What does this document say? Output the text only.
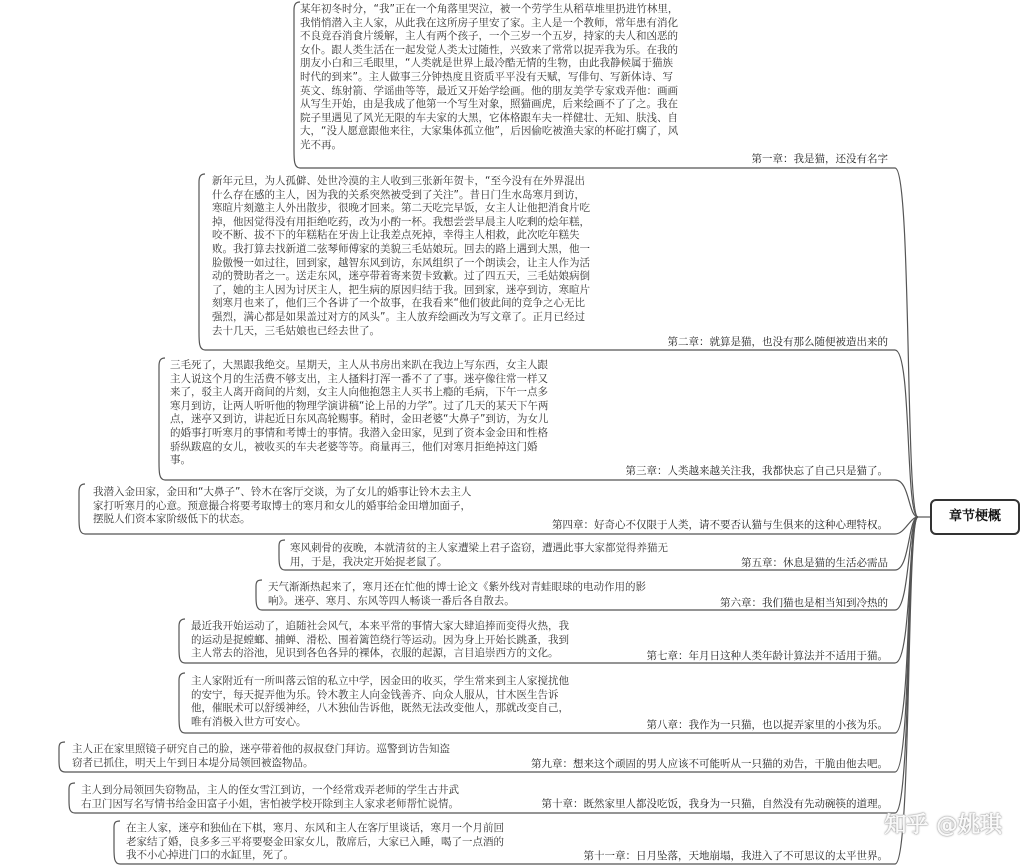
某年初冬时分，“我”正在一个角落里哭泣，被一个劳学生从稻草堆里扔进竹林里，我悄悄潜入主人家，从此我在这所房子里安了家。主人是一个教师，常年患有消化不良竟吞消食片缓解，主人有两个孩子，一个三岁一个五岁，持家的夫人和凶恶的女仆。跟人类生活在一起发觉人类太过随性，兴致来了常常以捉弄我为乐。在我的朋友小白和三毛眼里，“人类就是世界上最冷酷无情的生物，由此我静候属于猫族时代的到来”。主人做事三分钟热度且资质平平没有天赋，写俳句、写新体诗、写英文、练射箭、学谣曲等等，最近又开始学绘画。他的朋友美学专家戏弄他：画画从写生开始，由是我成了他第一个写生对象，照猫画虎，后来绘画不了了之。我在院子里遇见了风光无限的车夫家的大黑，它体格跟车夫一样健壮、无知、肤浅、自大，“没人愿意跟他来往，大家集体孤立他”，后因偷吃被渔夫家的杯砣打瘸了，风光不再。
第一章：我是猫，还没有名字
新年元旦，为人孤僻、处世冷漠的主人收到三张新年贺卡，“至今没有在外界混出什么存在感的主人，因为我的关系突然被受到了关注”。昔日门生水岛寒月到访，寒暄片刻邀主人外出散步，很晚才回来。第二天吃完早饭，女主人让他把消食片吃掉，他因觉得没有用拒绝吃药，改为小酌一杯。我想尝尝早晨主人吃剩的烩年糕，咬不断、拔不下的年糕粘在牙齿上让我差点死掉，幸得主人相救，此次吃年糕失败。我打算去找新道二弦琴师傅家的美貌三毛姑娘玩。回去的路上遇到大黑，他一脸傲慢一如过往，回到家，越智东风到访，东风组织了一个朗读会，让主人作为活动的赞助者之一。送走东风，迷亭带着寄来贺卡致歉。过了四五天，三毛姑娘病倒了，她的主人因为讨厌主人，把生病的原因归结于我。回到家，迷亭到访，寒暄片刻寒月也来了，他们三个各讲了一个故事，在我看来“他们彼此间的竞争之心无比强烈，满心都是如果盖过对方的风头”。主人放弃绘画改为写文章了。正月已经过去十几天，三毛姑娘也已经去世了。
第二章：就算是猫，也没有那么随便被造出来的
三毛死了，大黑跟我绝交。星期天，主人从书房出来趴在我边上写东西，女主人跟主人说这个月的生活费不够支出，主人搔料打浑一番不了了事。迷亭像往常一样又来了，驳主人离开商间的片刻，女主人向他抱怨主人买书上瘾的毛病，下午一点多寒月到访，让两人听听他的物理学演讲稿“论上吊的力学”。过了几天的某天下午两点，迷亭又到访，讲起近日东风高轮赐事。稍时，金田老婆“大鼻子”到访，为女儿的婚事打听寒月的事情和考博士的事情。我潜入金田家，见到了资本金金田和性格骄纵跋扈的女儿，被收买的车夫老婆等等。商量再三，他们对寒月拒绝掉这门婚事。
第三章：人类越来越关注我，我都快忘了自己只是猫了。
我潜入金田家，金田和“大鼻子”、铃木在客厅交谈，为了女儿的婚事让铃木去主人家打听寒月的心意。预意撮合将要考取博士的寒月和女儿的婚事给金田增加面子，摆脱人们资本家阶级低下的状态。	第四章：好奇心不仅限于人类，请不要否认猫与生俱来的这种心理特权。
寒风刺骨的夜晚，本就清贫的主人家遭梁上君子盗窃，遭遇此事大家都觉得养猫无用，于是，我决定开始捉老鼠了。	第五章：休息是猫的生活必需品
天气渐渐热起来了，寒月还在忙他的博士论文《紫外线对青蛙眼球的电动作用的影响》。迷亭、寒月、东风等四人畅谈一番后各自散去。	第六章：我们猫也是相当知到冷热的
最近我开始运动了，追随社会风气，本来平常的事情大家大肆追捧而变得火热，我的运动是捉螳螂、捕蝉、滑松、围着篱笆绕行等运动。因为身上开始长跳蚤，我到主人常去的浴池，见识到各色各异的裸体，衣服的起源，言目追崇西方的文化。	第七章：年月日这种人类年龄计算法并不适用于猫。
主人家附近有一所叫落云馆的私立中学，因金田的收买，学生常来到主人家搅扰他的安宁，每天捉弄他为乐。铃木教主人向金钱善齐、向众人服从，甘木医生告诉他，催眠术可以舒缓神经，八木独仙告诉他，既然无法改变他人，那就改变自己，唯有消极入世方可安心。	第八章：我作为一只猫，也以捉弄家里的小孩为乐。
主人正在家里照镜子研究自己的脸，迷亭带着他的叔叔登门拜访。巡警到访告知盗窃者已抓住，明天上午到日本堤分局领回被盗物品。	第九章：想来这个顽固的男人应该不可能听从一只猫的劝告，干脆由他去吧。
主人到分局领回失窃物品，主人的侄女雪江到访，一个经常戏弄老师的学生古井武右卫门因写名写情书给金田富子小姐，害怕被学校开除到主人家求老师帮忙说情。	第十章：既然家里人都没吃饭，我身为一只猫，自然没有先动碗筷的道理。
在主人家，迷亭和独仙在下棋，寒月、东风和主人在客厅里谈话，寒月一个月前回老家结了婚，良多多三平将要娶金田家女儿，散席后，大家已入睡，喝了一点酒的我不小心掉进门口的水缸里，死了。	第十一章：日月坠落，天地崩塌，我进入了不可思议的太平世界。
章节梗概
知乎 @姚琪
